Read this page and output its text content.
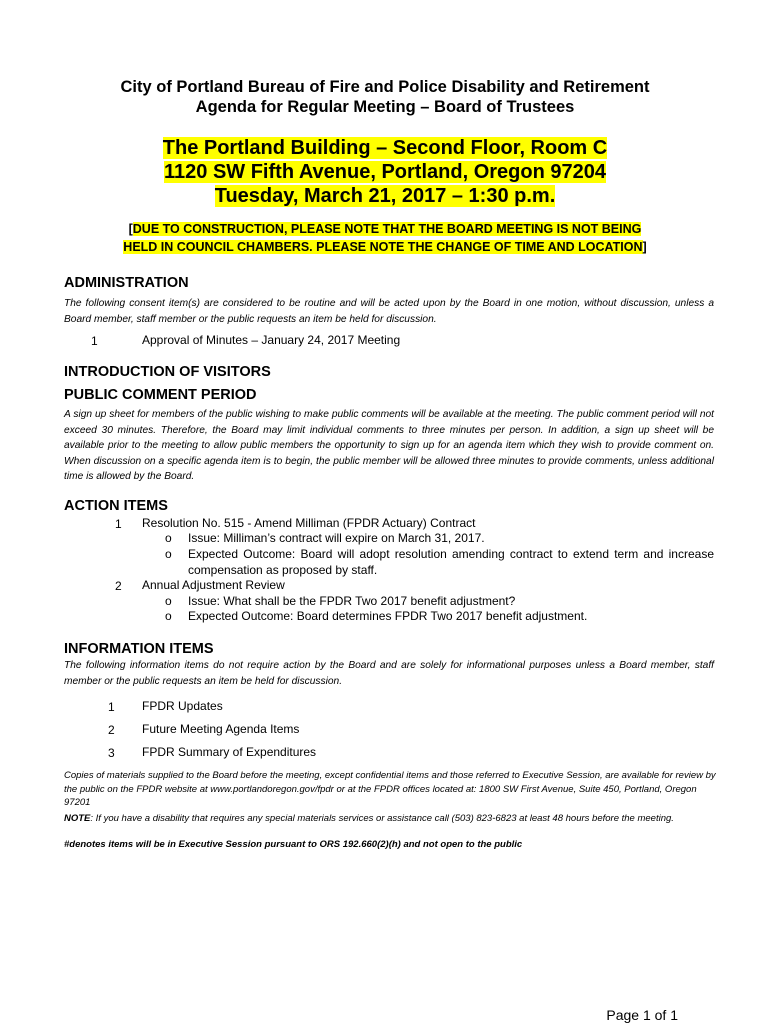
City of Portland Bureau of Fire and Police Disability and Retirement
Agenda for Regular Meeting – Board of Trustees
The Portland Building – Second Floor, Room C
1120 SW Fifth Avenue, Portland, Oregon 97204
Tuesday, March 21, 2017 – 1:30 p.m.
[DUE TO CONSTRUCTION, PLEASE NOTE THAT THE BOARD MEETING IS NOT BEING
HELD IN COUNCIL CHAMBERS. PLEASE NOTE THE CHANGE OF TIME AND LOCATION]
ADMINISTRATION
The following consent item(s) are considered to be routine and will be acted upon by the Board in one motion, without discussion, unless a Board member, staff member or the public requests an item be held for discussion.
1	Approval of Minutes – January 24, 2017 Meeting
INTRODUCTION OF VISITORS
PUBLIC COMMENT PERIOD
A sign up sheet for members of the public wishing to make public comments will be available at the meeting. The public comment period will not exceed 30 minutes. Therefore, the Board may limit individual comments to three minutes per person. In addition, a sign up sheet will be available prior to the meeting to allow public members the opportunity to sign up for an agenda item which they wish to provide comment on. When discussion on a specific agenda item is to begin, the public member will be allowed three minutes to provide comments, unless additional time is allowed by the Board.
ACTION ITEMS
1 Resolution No. 515 - Amend Milliman (FPDR Actuary) Contract
o Issue: Milliman’s contract will expire on March 31, 2017.
o Expected Outcome: Board will adopt resolution amending contract to extend term and increase compensation as proposed by staff.
2 Annual Adjustment Review
o Issue: What shall be the FPDR Two 2017 benefit adjustment?
o Expected Outcome: Board determines FPDR Two 2017 benefit adjustment.
INFORMATION ITEMS
The following information items do not require action by the Board and are solely for informational purposes unless a Board member, staff member or the public requests an item be held for discussion.
1 FPDR Updates
2 Future Meeting Agenda Items
3 FPDR Summary of Expenditures
Copies of materials supplied to the Board before the meeting, except confidential items and those referred to Executive Session, are available for review by the public on the FPDR website at www.portlandoregon.gov/fpdr or at the FPDR offices located at: 1800 SW First Avenue, Suite 450, Portland, Oregon 97201
NOTE: If you have a disability that requires any special materials services or assistance call (503) 823-6823 at least 48 hours before the meeting.
#denotes items will be in Executive Session pursuant to ORS 192.660(2)(h) and not open to the public
Page 1 of 1
